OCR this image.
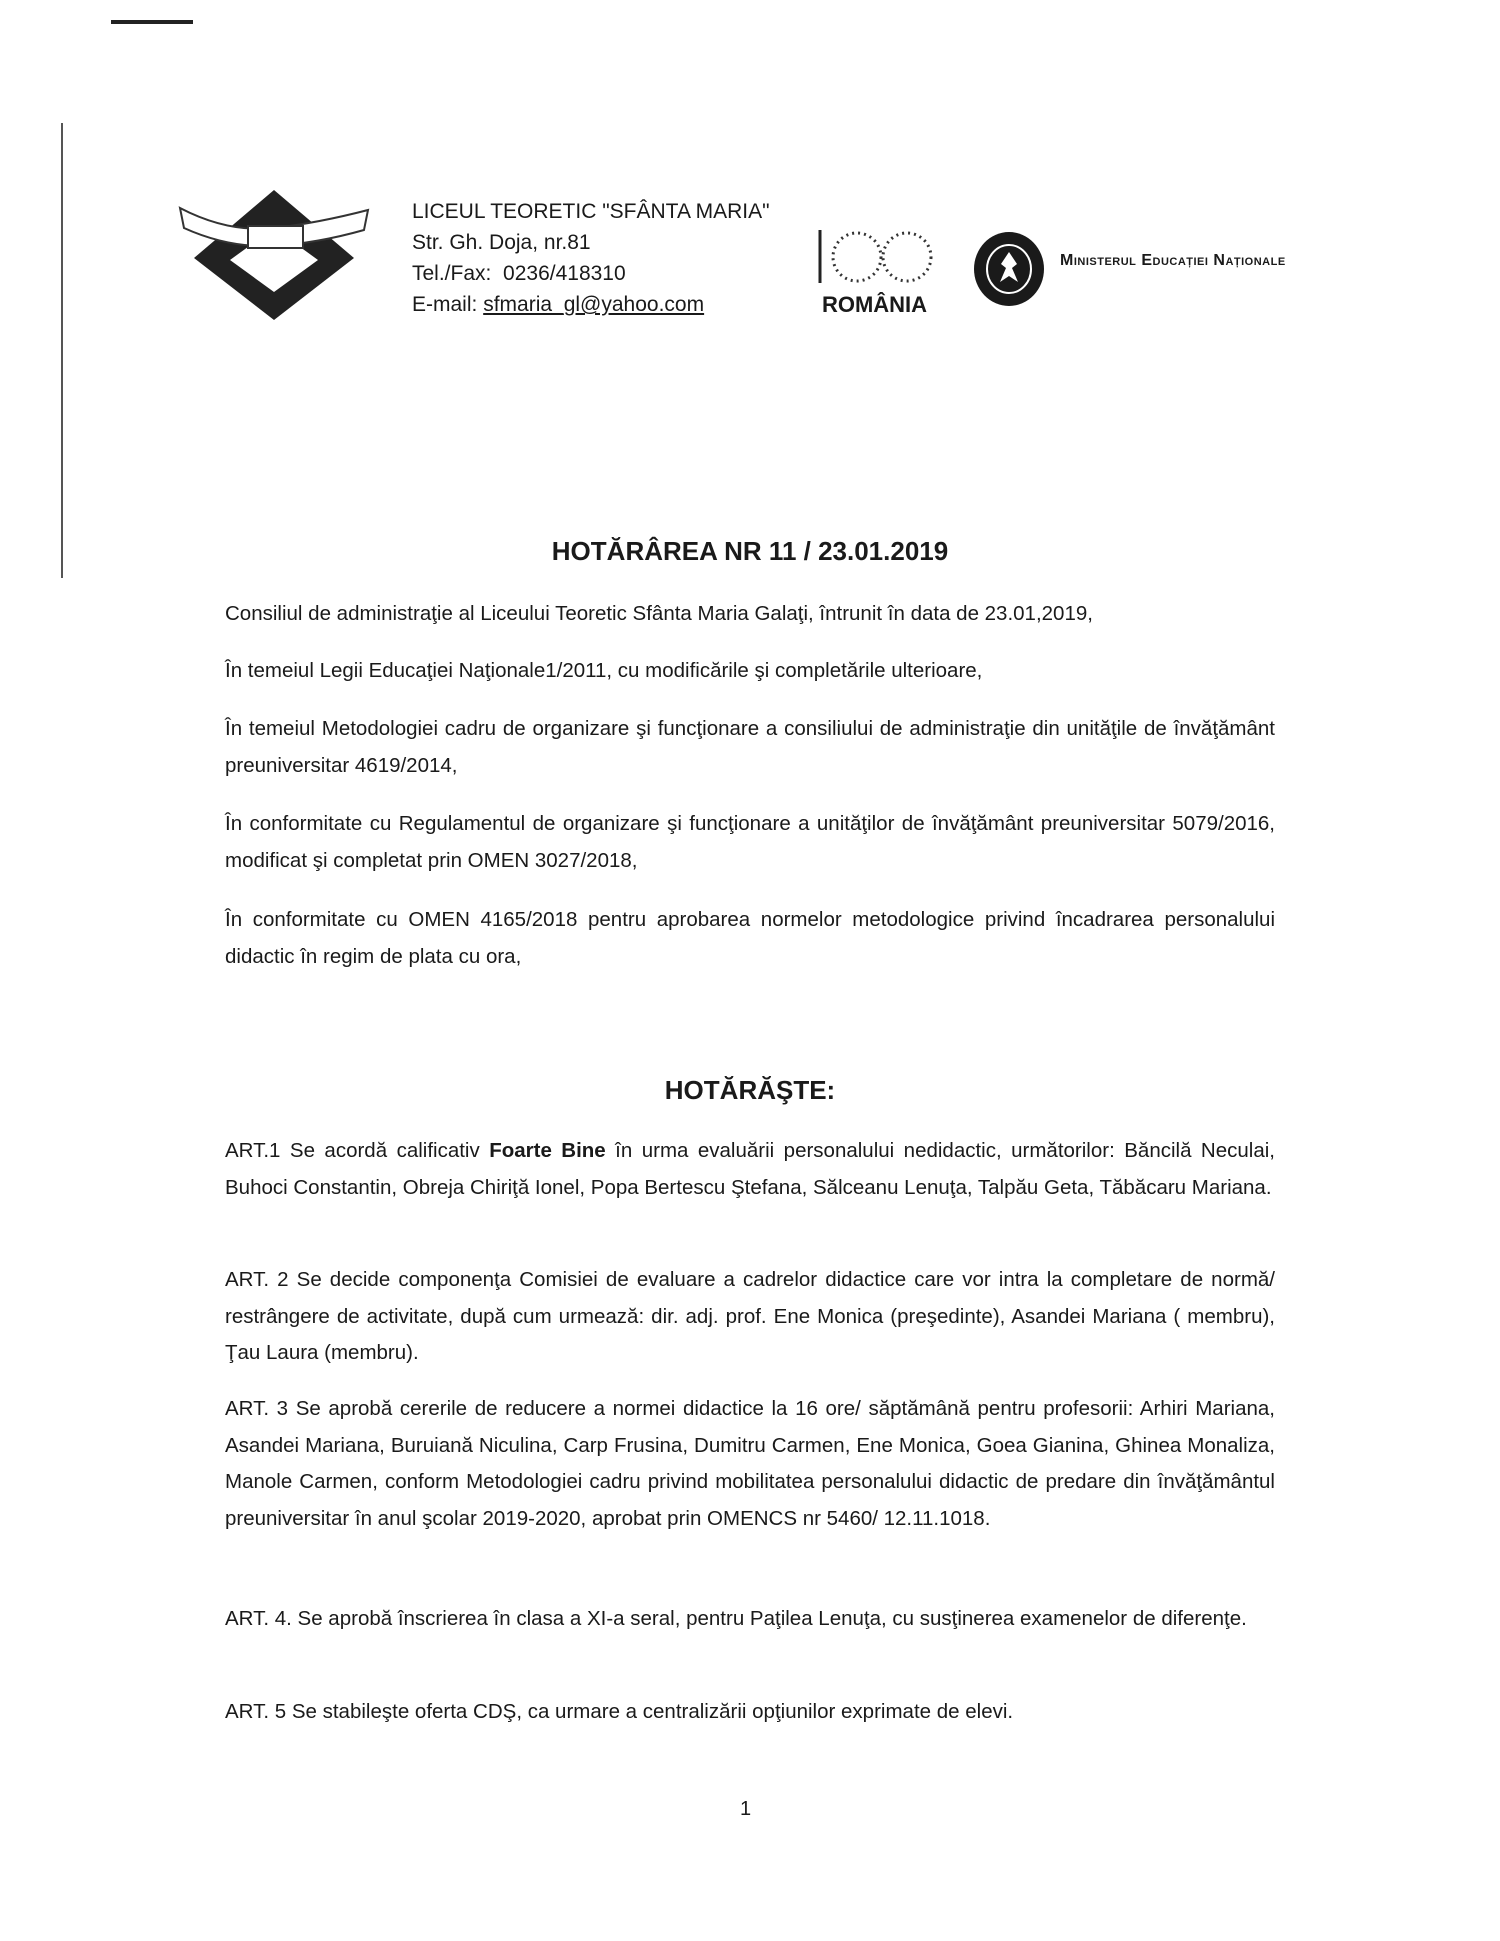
LICEUL TEORETIC "SFÂNTA MARIA"
Str. Gh. Doja, nr.81
Tel./Fax: 0236/418310
E-mail: sfmaria_gl@yahoo.com	ROMÂNIA
Ministerul Educației Naționale
HOTĂRÂREA NR 11 / 23.01.2019
Consiliul de administraţie al Liceului Teoretic Sfânta Maria Galaţi, întrunit în data de 23.01,2019,
În temeiul Legii Educaţiei Naţionale1/2011, cu modificările şi completările ulterioare,
În temeiul Metodologiei cadru de organizare şi funcţionare a consiliului de administraţie din unităţile de învăţământ preuniversitar 4619/2014,
În conformitate cu Regulamentul de organizare şi funcţionare a unităţilor de învăţământ preuniversitar 5079/2016, modificat şi completat prin OMEN 3027/2018,
În conformitate cu OMEN 4165/2018 pentru aprobarea normelor metodologice privind încadrarea personalului didactic în regim de plata cu ora,
HOTĂRĂŞTE:
ART.1 Se acordă calificativ Foarte Bine în urma evaluării personalului nedidactic, următorilor: Băncilă Neculai, Buhoci Constantin, Obreja Chiriţă Ionel, Popa Bertescu Ştefana, Sălceanu Lenuţa, Talpău Geta, Tăbăcaru Mariana.
ART. 2 Se decide componenţa Comisiei de evaluare a cadrelor didactice care vor intra la completare de normă/ restrângere de activitate, după cum urmează: dir. adj. prof. Ene Monica (preşedinte), Asandei Mariana ( membru), Ţau Laura (membru).
ART. 3 Se aprobă cererile de reducere a normei didactice la 16 ore/ săptămână pentru profesorii: Arhiri Mariana, Asandei Mariana, Buruiană Niculina, Carp Frusina, Dumitru Carmen, Ene Monica, Goea Gianina, Ghinea Monaliza, Manole Carmen, conform Metodologiei cadru privind mobilitatea personalului didactic de predare din învăţământul preuniversitar în anul şcolar 2019-2020, aprobat prin OMENCS nr 5460/ 12.11.1018.
ART. 4. Se aprobă înscrierea în clasa a XI-a seral, pentru Paţilea Lenuţa, cu susţinerea examenelor de diferenţe.
ART. 5 Se stabileşte oferta CDŞ, ca urmare a centralizării opţiunilor exprimate de elevi.
1
